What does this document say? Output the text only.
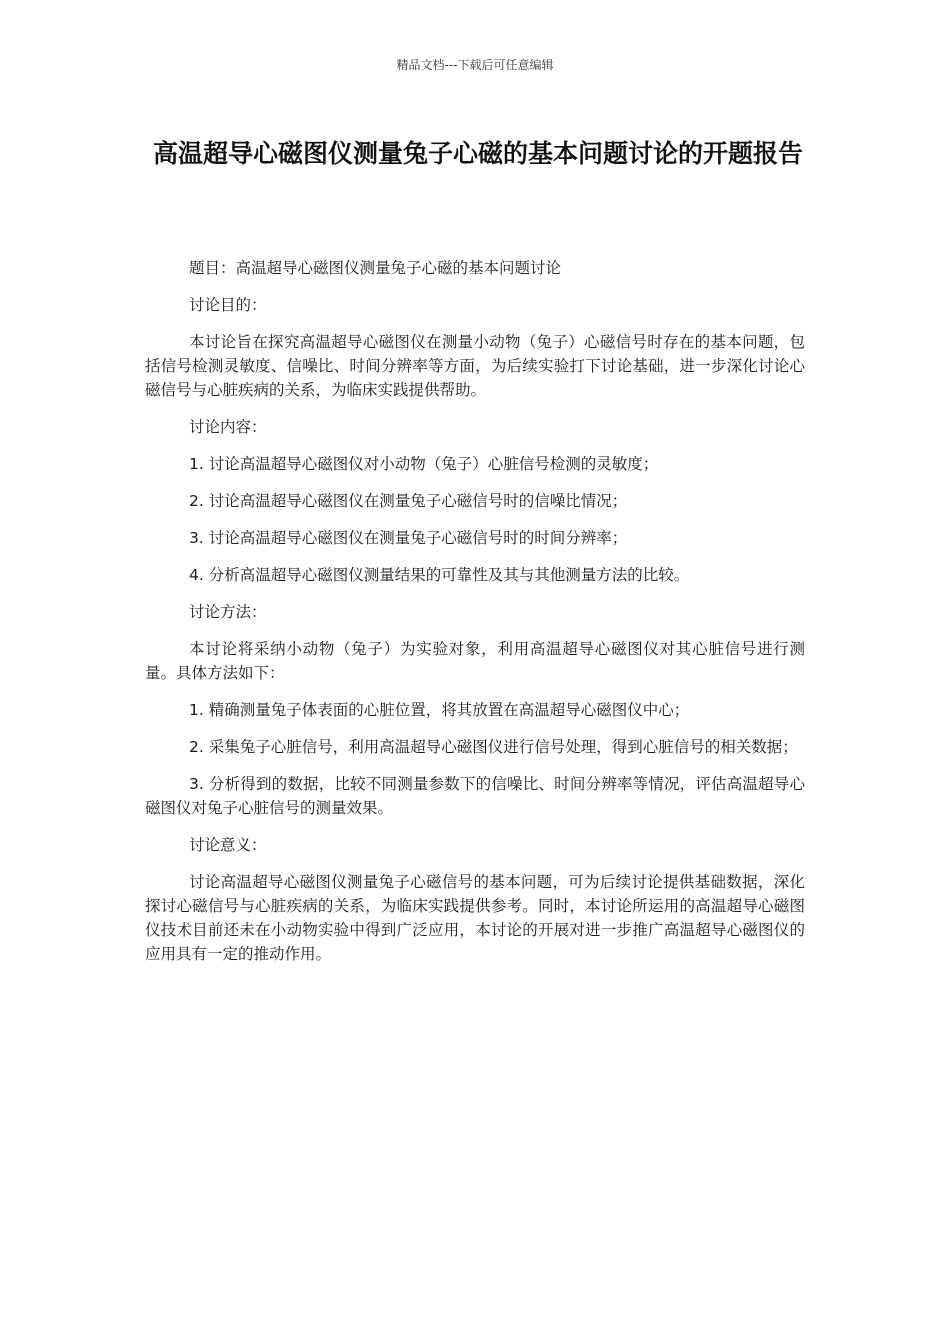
精品文档---下载后可任意编辑
高温超导心磁图仪测量兔子心磁的基本问题讨论的开题报告

题目：高温超导心磁图仪测量兔子心磁的基本问题讨论

讨论目的：

本讨论旨在探究高温超导心磁图仪在测量小动物（兔子）心磁信号时存在的基本问题，包括信号检测灵敏度、信噪比、时间分辨率等方面，为后续实验打下讨论基础，进一步深化讨论心磁信号与心脏疾病的关系，为临床实践提供帮助。

讨论内容：

1. 讨论高温超导心磁图仪对小动物（兔子）心脏信号检测的灵敏度；

2. 讨论高温超导心磁图仪在测量兔子心磁信号时的信噪比情况；

3. 讨论高温超导心磁图仪在测量兔子心磁信号时的时间分辨率；

4. 分析高温超导心磁图仪测量结果的可靠性及其与其他测量方法的比较。

讨论方法：

本讨论将采纳小动物（兔子）为实验对象，利用高温超导心磁图仪对其心脏信号进行测量。具体方法如下：

1. 精确测量兔子体表面的心脏位置，将其放置在高温超导心磁图仪中心；

2. 采集兔子心脏信号，利用高温超导心磁图仪进行信号处理，得到心脏信号的相关数据；

3. 分析得到的数据，比较不同测量参数下的信噪比、时间分辨率等情况，评估高温超导心磁图仪对兔子心脏信号的测量效果。

讨论意义：

讨论高温超导心磁图仪测量兔子心磁信号的基本问题，可为后续讨论提供基础数据，深化探讨心磁信号与心脏疾病的关系，为临床实践提供参考。同时，本讨论所运用的高温超导心磁图仪技术目前还未在小动物实验中得到广泛应用，本讨论的开展对进一步推广高温超导心磁图仪的应用具有一定的推动作用。
